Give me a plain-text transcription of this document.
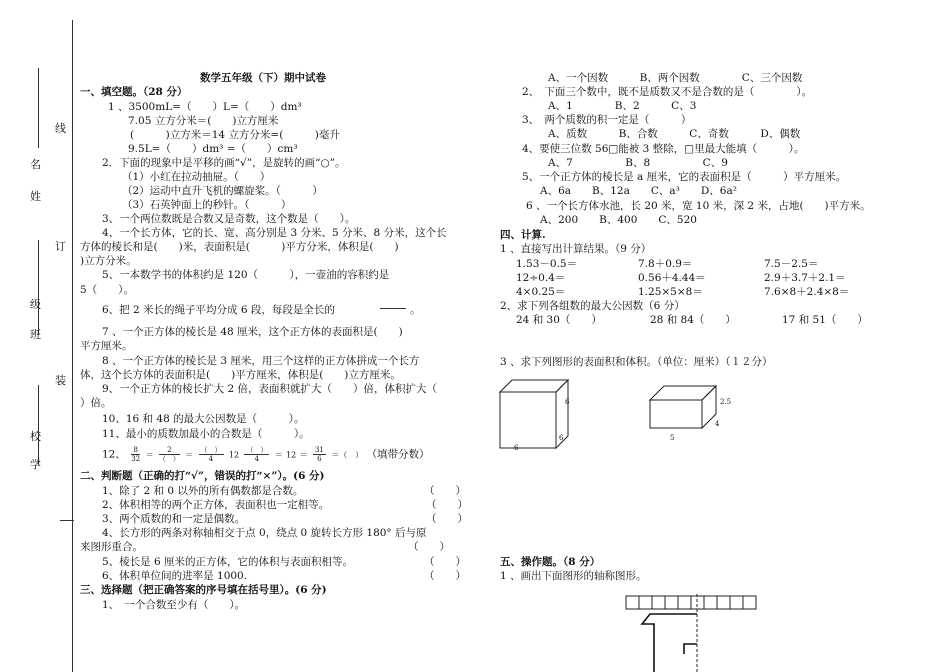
线
名
姓
订
级
班
装
校
学
数学五年级（下）期中试卷
一、填空题。（28 分）
1 、3500mL=（　　）L=（　　）dm³
7.05 立方分米＝(　　)立方厘米
(　　　)立方米＝14 立方分米=(　　　)毫升
9.5L=（　　）dm³ =（　　）cm³
2．下面的现象中是平移的画“√”，是旋转的画“○”。
（1）小红在拉动抽屉。（　　）
（2）运动中直升飞机的螺旋桨。（　　　）
（3）石英钟面上的秒针。（　　　）
3、一个两位数既是合数又是奇数，这个数是（　　）。
4、一个长方体，它的长、宽、高分别是 3 分米、5 分米、8 分米，这个长
方体的棱长和是(　　)米，表面积是(　　　)平方分米，体积是(　　)
)立方分米。
5、一本数学书的体积约是 120（　　　），一壶油的容积约是
5（　　）。
6、把 2 米长的绳子平均分成 6 段，每段是全长的	。
7 、一个正方体的棱长是 48 厘米，这个正方体的表面积是(　　)
平方厘米。
8 、一个正方体的棱长是 3 厘米，用三个这样的正方体拼成一个长方
体，这个长方体的表面积是(　　)平方厘米，体积是(　　)立方厘米。
9、一个正方体的棱长扩大 2 倍，表面积就扩大（　　）倍，体积扩大（
）倍。
10、16 和 48 的最大公因数是（　　　）。
11、最小的质数加最小的合数是（　　　）。
12、 $\frac{8}{32} = \frac{2}{( )} = \frac{( )}{4} 12 \frac{( )}{4} = 12 = \frac{31}{6}$ ＝（　） （填带分数）
二、判断题（正确的打“√”，错误的打“×”）。(6 分)
1、除了 2 和 0 以外的所有偶数都是合数。	（　　）
2、体积相等的两个正方体，表面积也一定相等。	（　　）
3、两个质数的和一定是偶数。	（　　）
4、长方形的两条对称轴相交于点 0，绕点 0 旋转长方形 180° 后与原
来图形重合。	（　　）
5、棱长是 6 厘米的正方体，它的体积与表面积相等。	（　　）
6、体积单位间的进率是 1000.	（　　）
三、选择题（把正确答案的序号填在括号里）。(6 分)
1、　一个合数至少有（　　）。
A、一个因数　　　B、两个因数　　　　C、三个因数
2、　下面三个数中，既不是质数又不是合数的是（　　　　）。
A、1　　　　B、2　　　C、3
3、　两个质数的积一定是（　　　）
A、质数　　　B、合数　　　C、奇数　　　D、偶数
4、要使三位数 56□能被 3 整除，□里最大能填（　　　）。
A、7　　　　　B、8　　　　　C、9
5、一个正方体的棱长是 a 厘米，它的表面积是（　　　）平方厘米。
A、6a　　B、12a　　C、a³　　D、6a²
6 、一个长方体水池，长 20 米，宽 10 米，深 2 米，占地(　　)平方米。
A、200　　B、400　　C、520
四、计算.
1 、直接写出计算结果。（9 分）
1.53－0.5＝	7.8＋0.9＝	7.5－2.5＝
12÷0.4＝	0.56＋4.44＝	2.9＋3.7＋2.1＝
4×0.25＝	1.25×5×8＝	7.6×8＋2.4×8＝
2、求下列各组数的最大公因数（6 分）
24 和 30（　　）	28 和 84（　　）	17 和 51（　　）
3 、求下列图形的表面积和体积。（单位：厘米）（１２分）
6
6
6
2.5
4
5
五、操作题。（8 分）
1 、画出下面图形的轴称图形。
